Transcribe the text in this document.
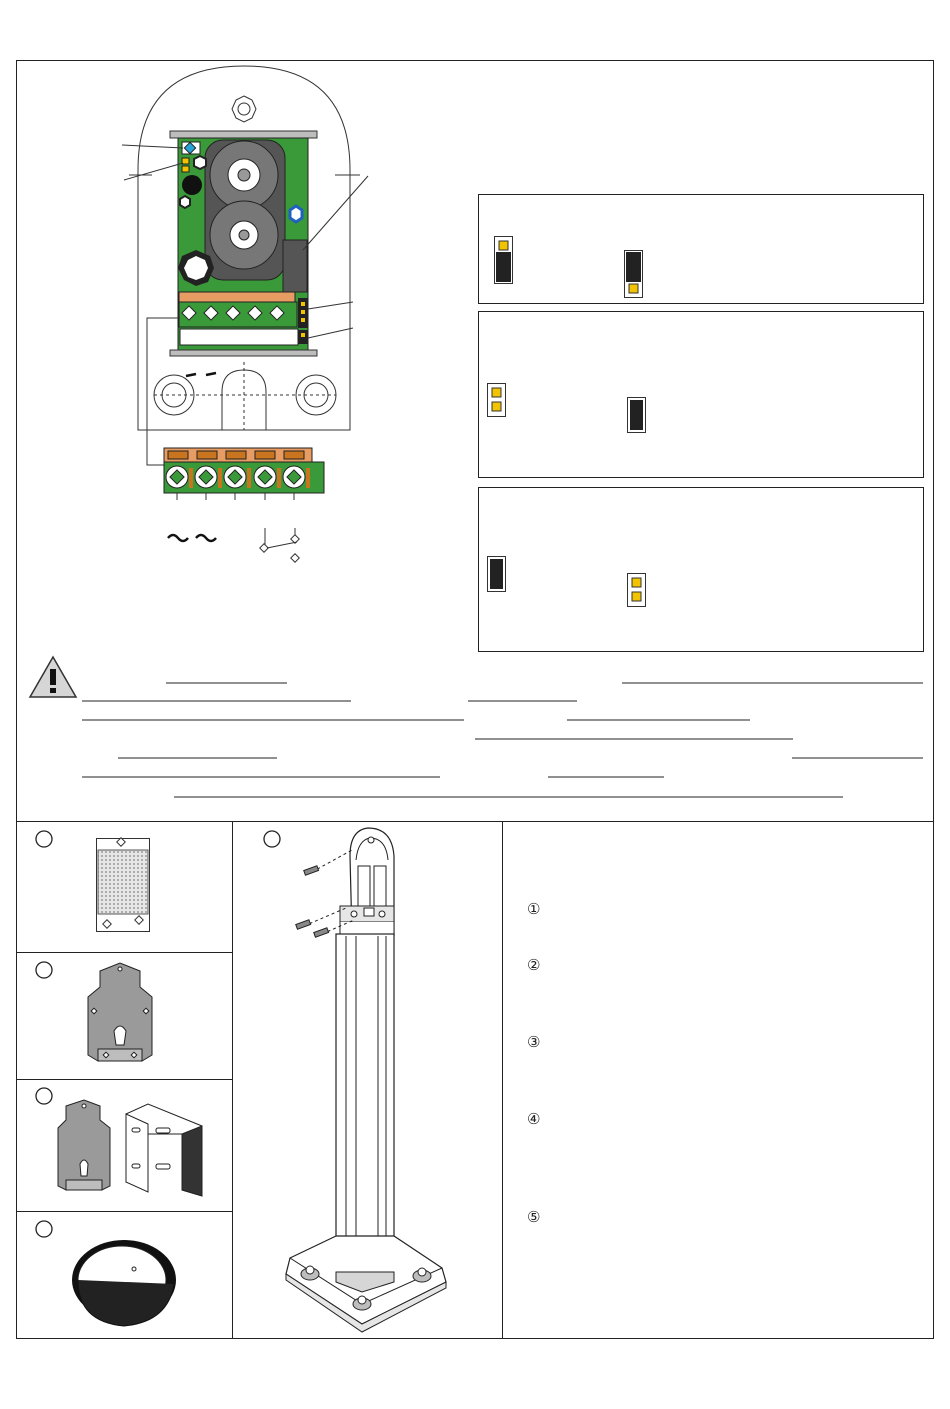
①
②
③
④
⑤
